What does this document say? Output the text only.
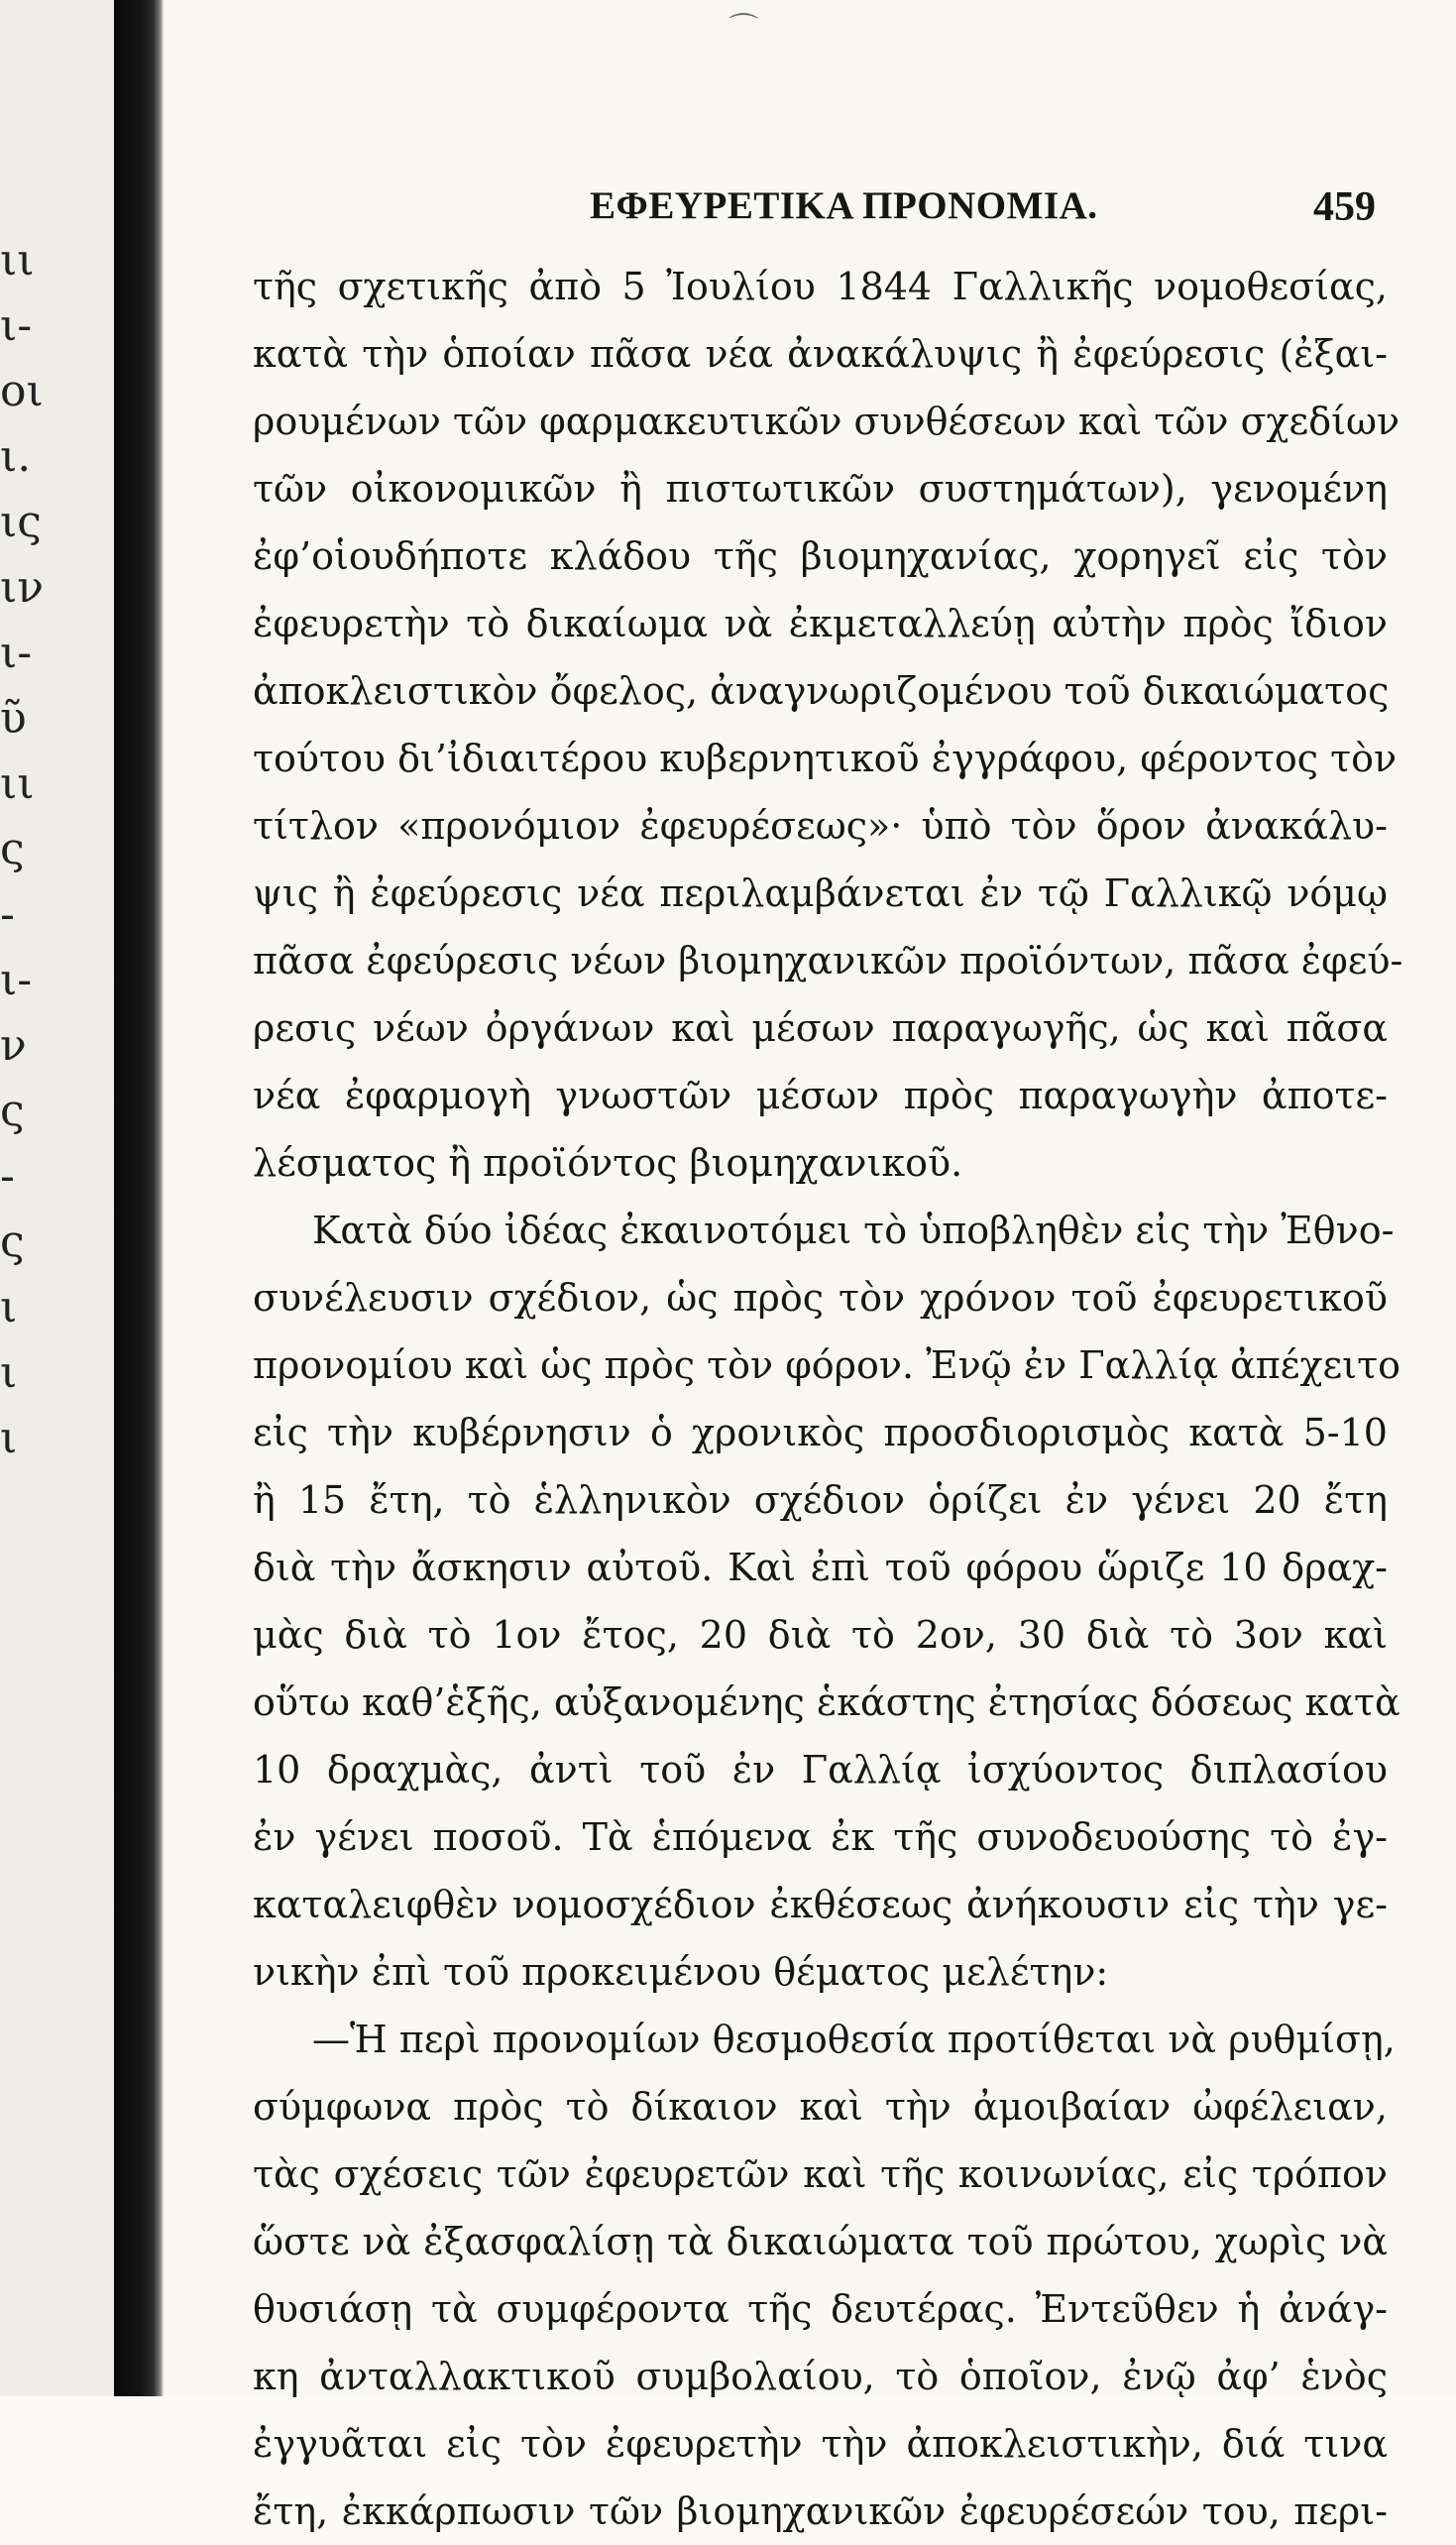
ιι
ι-
οι
ι.
ις
ιν
ι-
ῦ
ιι
ς
-
ι-
ν
ς
-
ς
ι
ι
ι
⌒
ΕΦΕΥΡΕΤΙΚΑ ΠΡΟΝΟΜΙΑ.	459
τῆς σχετικῆς ἀπὸ 5 Ἰουλίου 1844 Γαλλικῆς νομοθεσίας,
κατὰ τὴν ὁποίαν πᾶσα νέα ἀνακάλυψις ἢ ἐφεύρεσις (ἐξαι-
ρουμένων τῶν φαρμακευτικῶν συνθέσεων καὶ τῶν σχεδίων
τῶν οἰκονομικῶν ἢ πιστωτικῶν συστημάτων), γενομένη
ἐφ’οἱουδήποτε κλάδου τῆς βιομηχανίας, χορηγεῖ εἰς τὸν
ἐφευρετὴν τὸ δικαίωμα νὰ ἐκμεταλλεύῃ αὐτὴν πρὸς ἴδιον
ἀποκλειστικὸν ὄφελος, ἀναγνωριζομένου τοῦ δικαιώματος
τούτου δι’ἰδιαιτέρου κυβερνητικοῦ ἐγγράφου, φέροντος τὸν
τίτλον «προνόμιον ἐφευρέσεως»· ὑπὸ τὸν ὅρον ἀνακάλυ-
ψις ἢ ἐφεύρεσις νέα περιλαμβάνεται ἐν τῷ Γαλλικῷ νόμῳ
πᾶσα ἐφεύρεσις νέων βιομηχανικῶν προϊόντων, πᾶσα ἐφεύ-
ρεσις νέων ὀργάνων καὶ μέσων παραγωγῆς, ὡς καὶ πᾶσα
νέα ἐφαρμογὴ γνωστῶν μέσων πρὸς παραγωγὴν ἀποτε-
λέσματος ἢ προϊόντος βιομηχανικοῦ.
Κατὰ δύο ἰδέας ἐκαινοτόμει τὸ ὑποβληθὲν εἰς τὴν Ἐθνο-
συνέλευσιν σχέδιον, ὡς πρὸς τὸν χρόνον τοῦ ἐφευρετικοῦ
προνομίου καὶ ὡς πρὸς τὸν φόρον. Ἐνῷ ἐν Γαλλίᾳ ἀπέχειτο
εἰς τὴν κυβέρνησιν ὁ χρονικὸς προσδιορισμὸς κατὰ 5-10
ἢ 15 ἔτη, τὸ ἑλληνικὸν σχέδιον ὁρίζει ἐν γένει 20 ἔτη
διὰ τὴν ἄσκησιν αὐτοῦ. Καὶ ἐπὶ τοῦ φόρου ὥριζε 10 δραχ-
μὰς διὰ τὸ 1ον ἔτος, 20 διὰ τὸ 2ον, 30 διὰ τὸ 3ον καὶ
οὕτω καθ’ἑξῆς, αὐξανομένης ἑκάστης ἐτησίας δόσεως κατὰ
10 δραχμὰς, ἀντὶ τοῦ ἐν Γαλλίᾳ ἰσχύοντος διπλασίου
ἐν γένει ποσοῦ. Τὰ ἑπόμενα ἐκ τῆς συνοδευούσης τὸ ἐγ-
καταλειφθὲν νομοσχέδιον ἐκθέσεως ἀνήκουσιν εἰς τὴν γε-
νικὴν ἐπὶ τοῦ προκειμένου θέματος μελέτην:
—Ἡ περὶ προνομίων θεσμοθεσία προτίθεται νὰ ρυθμίσῃ,
σύμφωνα πρὸς τὸ δίκαιον καὶ τὴν ἀμοιβαίαν ὠφέλειαν,
τὰς σχέσεις τῶν ἐφευρετῶν καὶ τῆς κοινωνίας, εἰς τρόπον
ὥστε νὰ ἐξασφαλίσῃ τὰ δικαιώματα τοῦ πρώτου, χωρὶς νὰ
θυσιάσῃ τὰ συμφέροντα τῆς δευτέρας. Ἐντεῦθεν ἡ ἀνάγ-
κη ἀνταλλακτικοῦ συμβολαίου, τὸ ὁποῖον, ἐνῷ ἀφ’ ἑνὸς
ἐγγυᾶται εἰς τὸν ἐφευρετὴν τὴν ἀποκλειστικὴν, διά τινα
ἔτη, ἐκκάρπωσιν τῶν βιομηχανικῶν ἐφευρέσεών του, περι-
